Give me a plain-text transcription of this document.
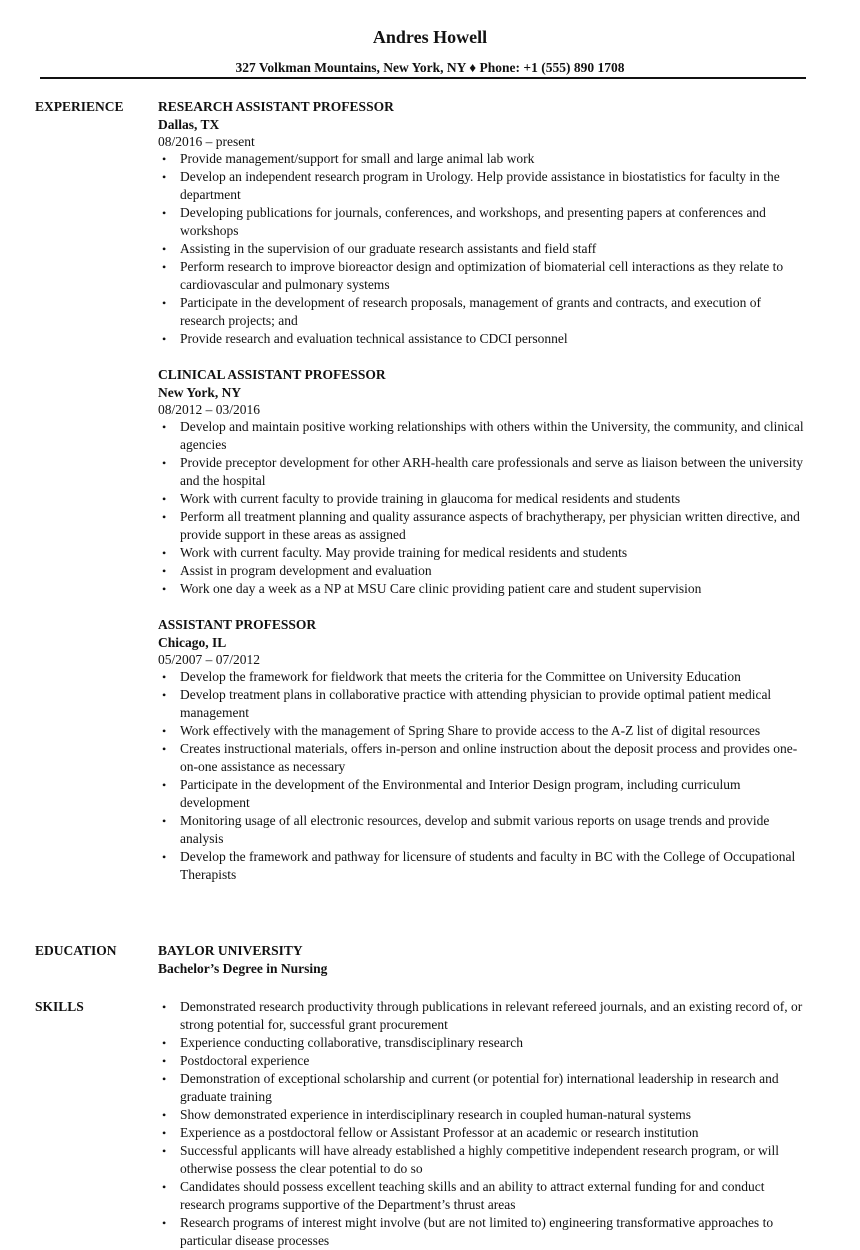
Andres Howell
327 Volkman Mountains, New York, NY ♦ Phone: +1 (555) 890 1708
EXPERIENCE	RESEARCH ASSISTANT PROFESSOR
Dallas, TX
08/2016 – present
• Provide management/support for small and large animal lab work
• Develop an independent research program in Urology. Help provide assistance in biostatistics for faculty in the department
• Developing publications for journals, conferences, and workshops, and presenting papers at conferences and workshops
• Assisting in the supervision of our graduate research assistants and field staff
• Perform research to improve bioreactor design and optimization of biomaterial cell interactions as they relate to cardiovascular and pulmonary systems
• Participate in the development of research proposals, management of grants and contracts, and execution of research projects; and
• Provide research and evaluation technical assistance to CDCI personnel
CLINICAL ASSISTANT PROFESSOR
New York, NY
08/2012 – 03/2016
• Develop and maintain positive working relationships with others within the University, the community, and clinical agencies
• Provide preceptor development for other ARH-health care professionals and serve as liaison between the university and the hospital
• Work with current faculty to provide training in glaucoma for medical residents and students
• Perform all treatment planning and quality assurance aspects of brachytherapy, per physician written directive, and provide support in these areas as assigned
• Work with current faculty. May provide training for medical residents and students
• Assist in program development and evaluation
• Work one day a week as a NP at MSU Care clinic providing patient care and student supervision
ASSISTANT PROFESSOR
Chicago, IL
05/2007 – 07/2012
• Develop the framework for fieldwork that meets the criteria for the Committee on University Education
• Develop treatment plans in collaborative practice with attending physician to provide optimal patient medical management
• Work effectively with the management of Spring Share to provide access to the A-Z list of digital resources
• Creates instructional materials, offers in-person and online instruction about the deposit process and provides one-on-one assistance as necessary
• Participate in the development of the Environmental and Interior Design program, including curriculum development
• Monitoring usage of all electronic resources, develop and submit various reports on usage trends and provide analysis
• Develop the framework and pathway for licensure of students and faculty in BC with the College of Occupational Therapists
EDUCATION	BAYLOR UNIVERSITY
Bachelor’s Degree in Nursing
SKILLS	• Demonstrated research productivity through publications in relevant refereed journals, and an existing record of, or strong potential for, successful grant procurement
• Experience conducting collaborative, transdisciplinary research
• Postdoctoral experience
• Demonstration of exceptional scholarship and current (or potential for) international leadership in research and graduate training
• Show demonstrated experience in interdisciplinary research in coupled human-natural systems
• Experience as a postdoctoral fellow or Assistant Professor at an academic or research institution
• Successful applicants will have already established a highly competitive independent research program, or will otherwise possess the clear potential to do so
• Candidates should possess excellent teaching skills and an ability to attract external funding for and conduct research programs supportive of the Department’s thrust areas
• Research programs of interest might involve (but are not limited to) engineering transformative approaches to particular disease processes
